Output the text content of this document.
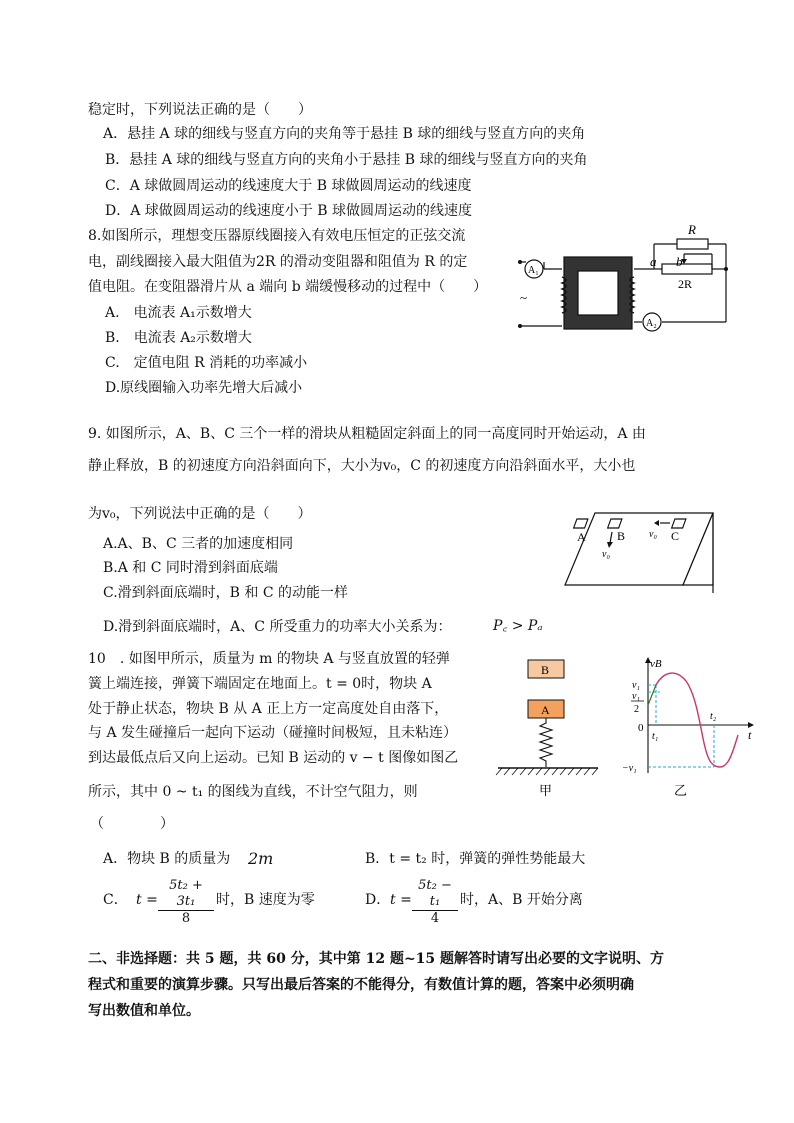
稳定时，下列说法正确的是（　　）
A．悬挂 A 球的细线与竖直方向的夹角等于悬挂 B 球的细线与竖直方向的夹角
B．悬挂 A 球的细线与竖直方向的夹角小于悬挂 B 球的细线与竖直方向的夹角
C．A 球做圆周运动的线速度大于 B 球做圆周运动的线速度
D．A 球做圆周运动的线速度小于 B 球做圆周运动的线速度
8.如图所示，理想变压器原线圈接入有效电压恒定的正弦交流
电，副线圈接入最大阻值为2R 的滑动变阻器和阻值为 R 的定
值电阻。在变阻器滑片从 a 端向 b 端缓慢移动的过程中（　　）
A.　电流表 A₁示数增大
B.　电流表 A₂示数增大
C.　定值电阻 R 消耗的功率减小
D.原线圈输入功率先增大后减小
A₁
A₂
R
a b
2R
~
9. 如图所示，A、B、C 三个一样的滑块从粗糙固定斜面上的同一高度同时开始运动，A 由
静止释放，B 的初速度方向沿斜面向下，大小为v₀，C 的初速度方向沿斜面水平，大小也
为v₀，下列说法中正确的是（　　）
A.A、B、C 三者的加速度相同
B.A 和 C 同时滑到斜面底端
C.滑到斜面底端时，B 和 C 的动能一样
D.滑到斜面底端时，A、C 所受重力的功率大小关系为：	P꜀ > Pₐ
A	B	C
v₀
v₀
10　. 如图甲所示，质量为 m 的物块 A 与竖直放置的轻弹
簧上端连接，弹簧下端固定在地面上。t = 0时，物块 A
处于静止状态，物块 B 从 A 正上方一定高度处自由落下，
与 A 发生碰撞后一起向下运动（碰撞时间极短，且未粘连）
到达最低点后又向上运动。已知 B 运动的 v − t 图像如图乙
所示，其中 0 ~ t₁ 的图线为直线，不计空气阻力，则
（　　　　）
A．物块 B 的质量为 2m	B．t = t₂ 时，弹簧的弹性势能最大
C． $t = \frac{\text{5t₂ + 3t₁}}{8}$ 时，B 速度为零	D． $t = \frac{\text{5t₂ − t₁}}{4}$ 时，A、B 开始分离
B
A
甲
vB
v₁
v₁
2
0
t₁
t₂
t
−v₁
乙
二、非选择题：共 5 题，共 60 分，其中第 12 题~15 题解答时请写出必要的文字说明、方
程式和重要的演算步骤。只写出最后答案的不能得分，有数值计算的题，答案中必须明确
写出数值和单位。
